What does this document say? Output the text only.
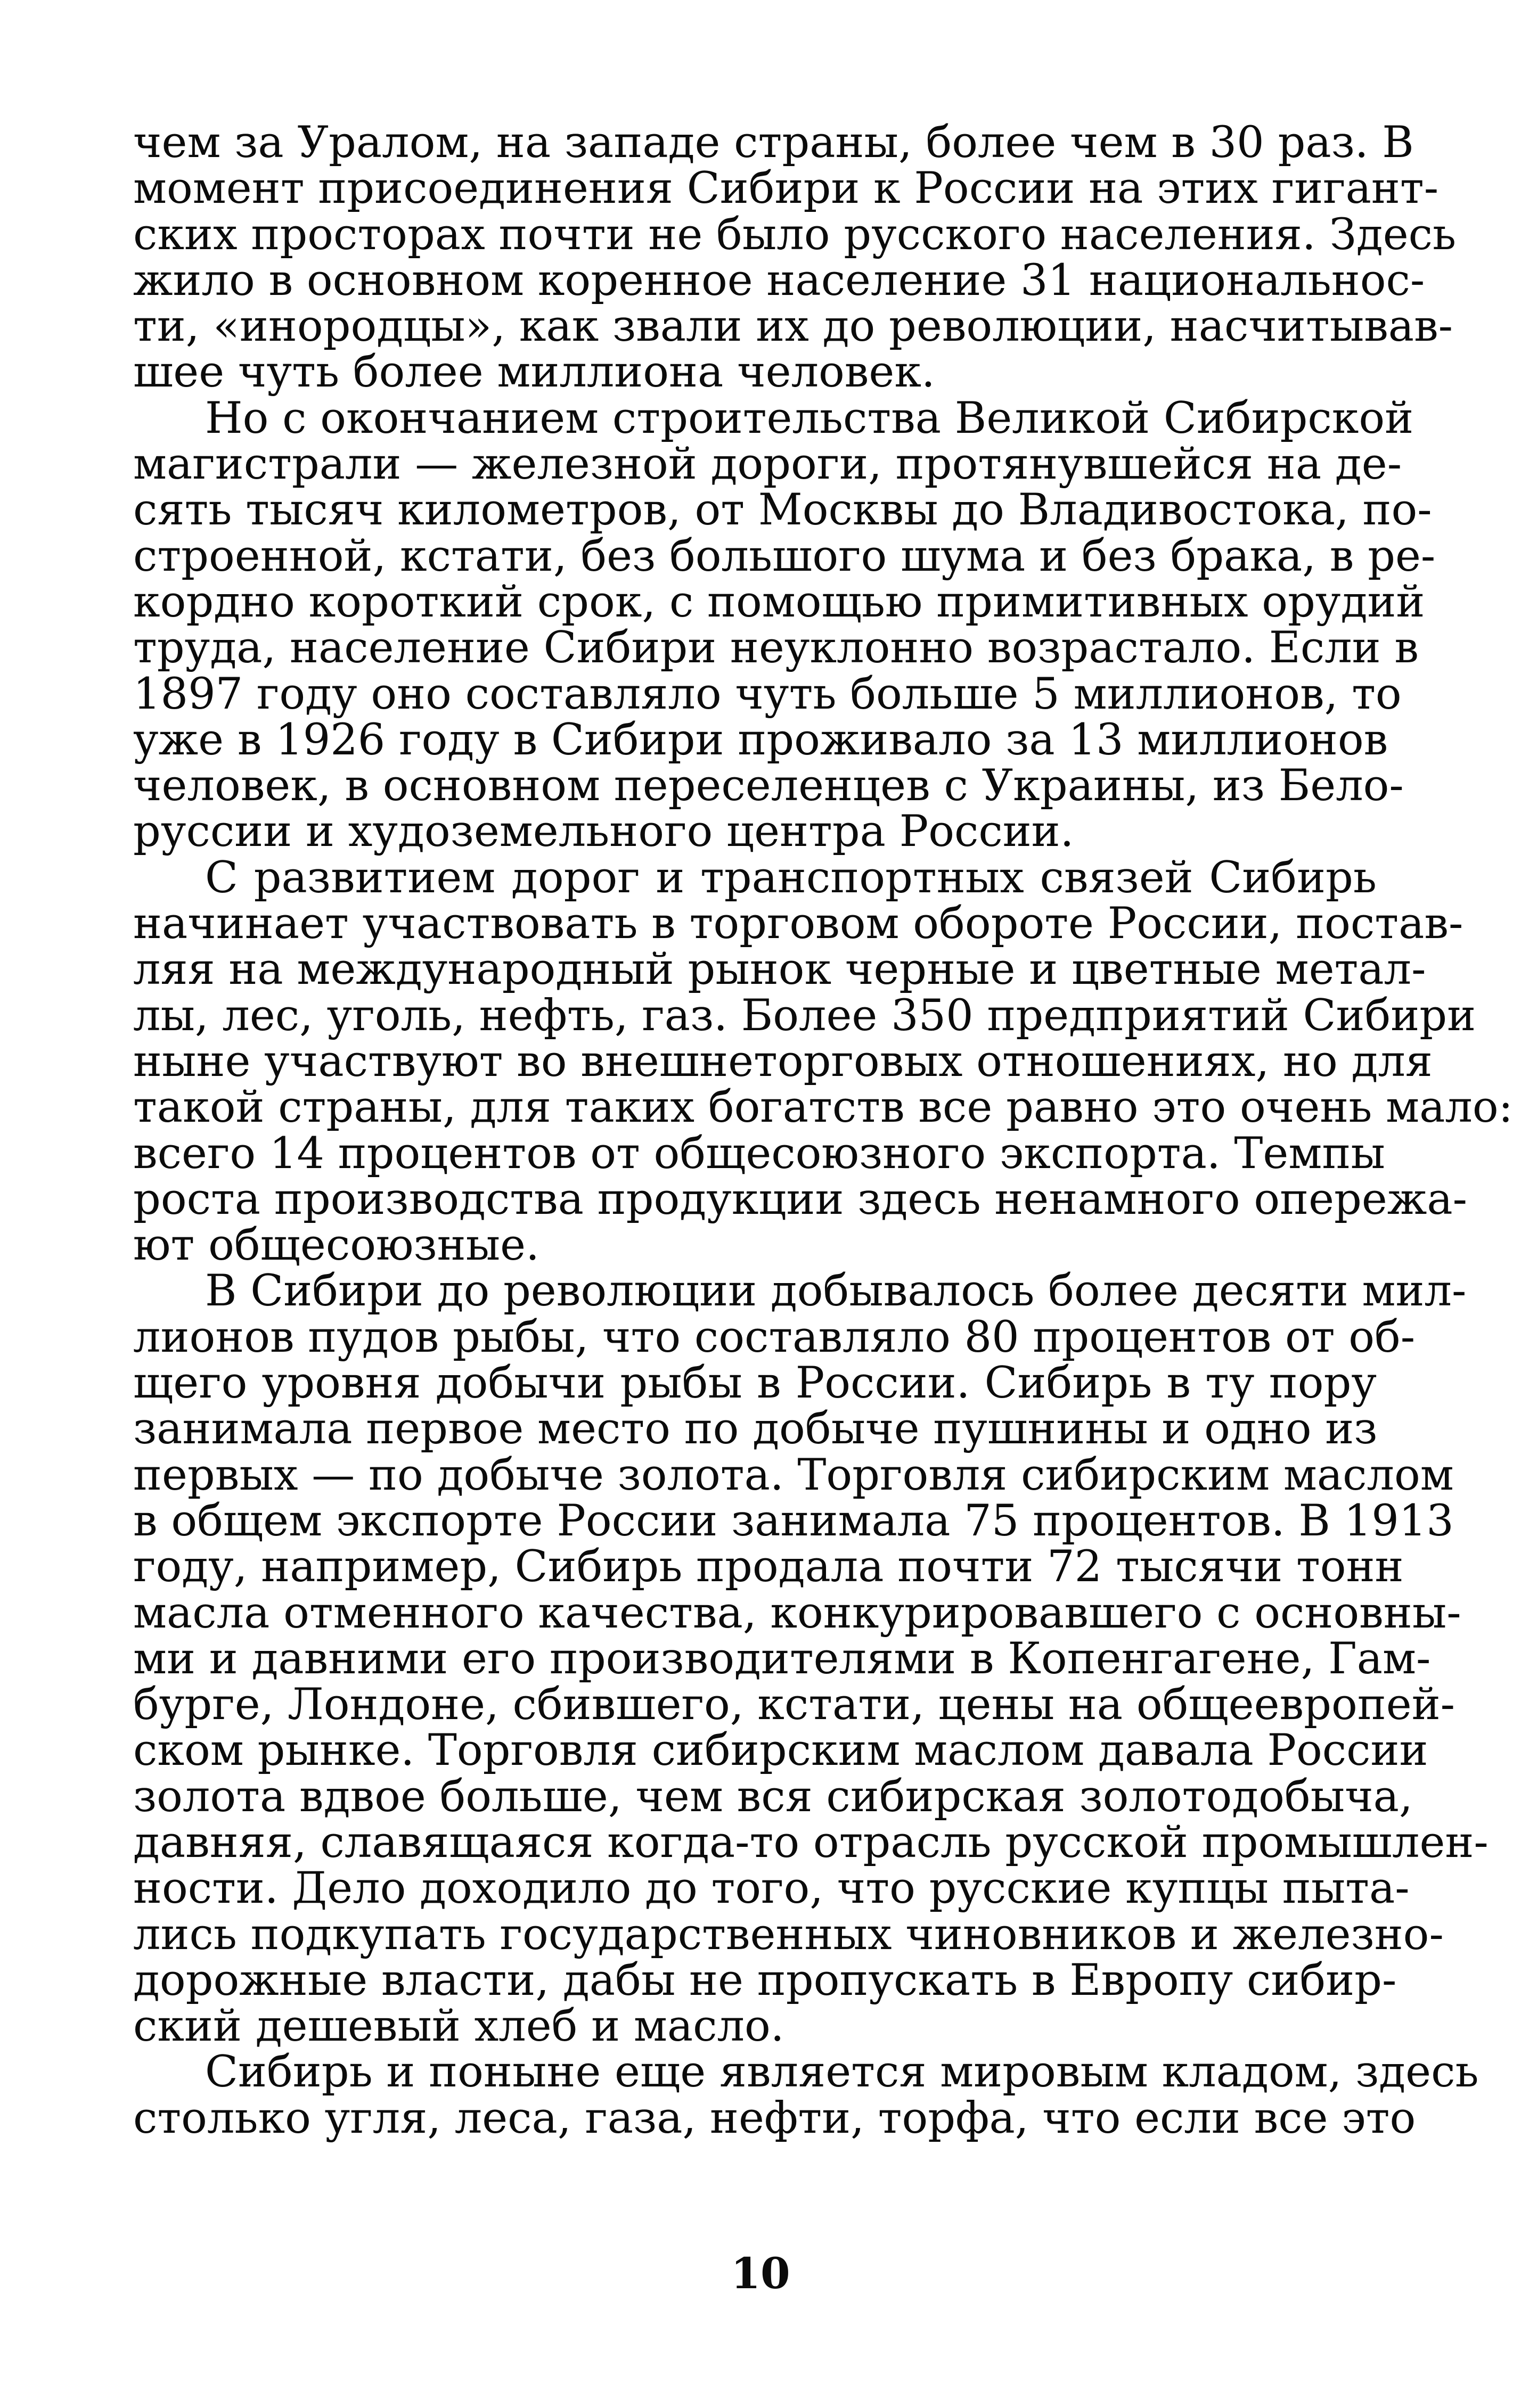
чем за Уралом, на западе страны, более чем в 30 раз. В
момент присоединения Сибири к России на этих гигант-
ских просторах почти не было русского населения. Здесь
жило в основном коренное население 31 национальнос-
ти, «инородцы», как звали их до революции, насчитывав-
шее чуть более миллиона человек.
Но с окончанием строительства Великой Сибирской
магистрали — железной дороги, протянувшейся на де-
сять тысяч километров, от Москвы до Владивостока, по-
строенной, кстати, без большого шума и без брака, в ре-
кордно короткий срок, с помощью примитивных орудий
труда, население Сибири неуклонно возрастало. Если в
1897 году оно составляло чуть больше 5 миллионов, то
уже в 1926 году в Сибири проживало за 13 миллионов
человек, в основном переселенцев с Украины, из Бело-
руссии и худоземельного центра России.
С развитием дорог и транспортных связей Сибирь
начинает участвовать в торговом обороте России, постав-
ляя на международный рынок черные и цветные метал-
лы, лес, уголь, нефть, газ. Более 350 предприятий Сибири
ныне участвуют во внешнеторговых отношениях, но для
такой страны, для таких богатств все равно это очень мало:
всего 14 процентов от общесоюзного экспорта. Темпы
роста производства продукции здесь ненамного опережа-
ют общесоюзные.
В Сибири до революции добывалось более десяти мил-
лионов пудов рыбы, что составляло 80 процентов от об-
щего уровня добычи рыбы в России. Сибирь в ту пору
занимала первое место по добыче пушнины и одно из
первых — по добыче золота. Торговля сибирским маслом
в общем экспорте России занимала 75 процентов. В 1913
году, например, Сибирь продала почти 72 тысячи тонн
масла отменного качества, конкурировавшего с основны-
ми и давними его производителями в Копенгагене, Гам-
бурге, Лондоне, сбившего, кстати, цены на общеевропей-
ском рынке. Торговля сибирским маслом давала России
золота вдвое больше, чем вся сибирская золотодобыча,
давняя, славящаяся когда-то отрасль русской промышлен-
ности. Дело доходило до того, что русские купцы пыта-
лись подкупать государственных чиновников и железно-
дорожные власти, дабы не пропускать в Европу сибир-
ский дешевый хлеб и масло.
Сибирь и поныне еще является мировым кладом, здесь
столько угля, леса, газа, нефти, торфа, что если все это
10
